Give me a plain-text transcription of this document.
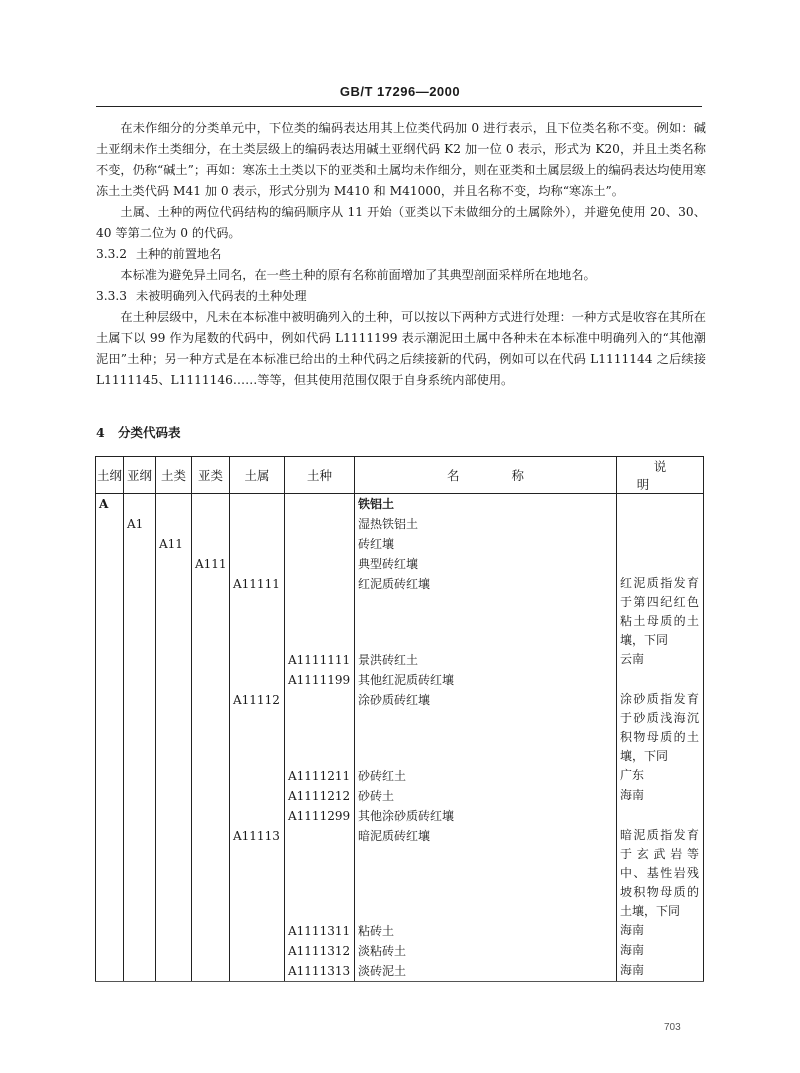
GB/T 17296—2000

在未作细分的分类单元中，下位类的编码表达用其上位类代码加 0 进行表示，且下位类名称不变。例如：碱土亚纲未作土类细分，在土类层级上的编码表达用碱土亚纲代码 K2 加一位 0 表示，形式为 K20，并且土类名称不变，仍称“碱土”；再如：寒冻土土类以下的亚类和土属均未作细分，则在亚类和土属层级上的编码表达均使用寒冻土土类代码 M41 加 0 表示，形式分别为 M410 和 M41000，并且名称不变，均称“寒冻土”。

土属、土种的两位代码结构的编码顺序从 11 开始（亚类以下未做细分的土属除外），并避免使用 20、30、40 等第二位为 0 的代码。

3.3.2 土种的前置地名

本标准为避免异土同名，在一些土种的原有名称前面增加了其典型剖面采样所在地地名。

3.3.3 未被明确列入代码表的土种处理

在土种层级中，凡未在本标准中被明确列入的土种，可以按以下两种方式进行处理：一种方式是收容在其所在土属下以 99 作为尾数的代码中，例如代码 L1111199 表示潮泥田土属中各种未在本标准中明确列入的“其他潮泥田”土种；另一种方式是在本标准已给出的土种代码之后续接新的代码，例如可以在代码 L1111144 之后续接 L1111145、L1111146……等等，但其使用范围仅限于自身系统内部使用。

4 分类代码表
土纲	亚纲	土类	亚类	土属	土种	名称	说明
A						铁铝土	
	A1					湿热铁铝土	
		A11				砖红壤	
			A111			典型砖红壤	
				A11111		红泥质砖红壤	红泥质指发育于第四纪红色粘土母质的土壤，下同
					A1111111	景洪砖红土	云南
					A1111199	其他红泥质砖红壤	
				A11112		涂砂质砖红壤	涂砂质指发育于砂质浅海沉积物母质的土壤，下同
					A1111211	砂砖红土	广东
					A1111212	砂砖土	海南
					A1111299	其他涂砂质砖红壤	
				A11113		暗泥质砖红壤	暗泥质指发育于玄武岩等中、基性岩残坡积物母质的土壤，下同
					A1111311	粘砖土	海南
					A1111312	淡粘砖土	海南
					A1111313	淡砖泥土	海南
703
